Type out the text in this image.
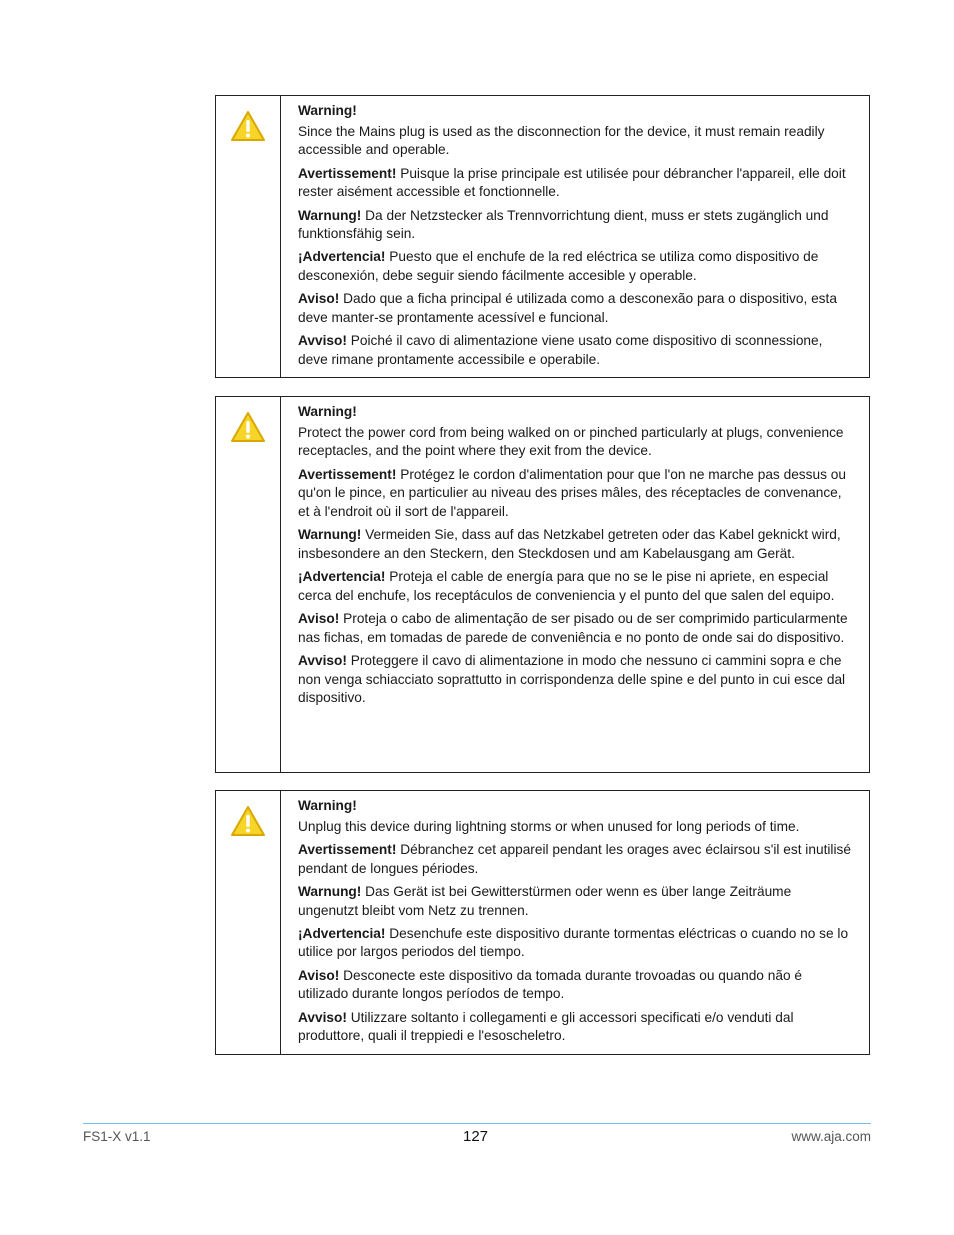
Warning!
Since the Mains plug is used as the disconnection for the device, it must remain readily accessible and operable.
Avertissement! Puisque la prise principale est utilisée pour débrancher l'appareil, elle doit rester aisément accessible et fonctionnelle.
Warnung! Da der Netzstecker als Trennvorrichtung dient, muss er stets zugänglich und funktionsfähig sein.
¡Advertencia! Puesto que el enchufe de la red eléctrica se utiliza como dispositivo de desconexión, debe seguir siendo fácilmente accesible y operable.
Aviso! Dado que a ficha principal é utilizada como a desconexão para o dispositivo, esta deve manter-se prontamente acessível e funcional.
Avviso! Poiché il cavo di alimentazione viene usato come dispositivo di sconnessione, deve rimane prontamente accessibile e operabile.
Warning!
Protect the power cord from being walked on or pinched particularly at plugs, convenience receptacles, and the point where they exit from the device.
Avertissement! Protégez le cordon d'alimentation pour que l'on ne marche pas dessus ou qu'on le pince, en particulier au niveau des prises mâles, des réceptacles de convenance, et à l'endroit où il sort de l'appareil.
Warnung! Vermeiden Sie, dass auf das Netzkabel getreten oder das Kabel geknickt wird, insbesondere an den Steckern, den Steckdosen und am Kabelausgang am Gerät.
¡Advertencia! Proteja el cable de energía para que no se le pise ni apriete, en especial cerca del enchufe, los receptáculos de conveniencia y el punto del que salen del equipo.
Aviso! Proteja o cabo de alimentação de ser pisado ou de ser comprimido particularmente nas fichas, em tomadas de parede de conveniência e no ponto de onde sai do dispositivo.
Avviso! Proteggere il cavo di alimentazione in modo che nessuno ci cammini sopra e che non venga schiacciato soprattutto in corrispondenza delle spine e del punto in cui esce dal dispositivo.
Warning!
Unplug this device during lightning storms or when unused for long periods of time.
Avertissement! Débranchez cet appareil pendant les orages avec éclairsou s'il est inutilisé pendant de longues périodes.
Warnung! Das Gerät ist bei Gewitterstürmen oder wenn es über lange Zeiträume ungenutzt bleibt vom Netz zu trennen.
¡Advertencia! Desenchufe este dispositivo durante tormentas eléctricas o cuando no se lo utilice por largos periodos del tiempo.
Aviso! Desconecte este dispositivo da tomada durante trovoadas ou quando não é utilizado durante longos períodos de tempo.
Avviso! Utilizzare soltanto i collegamenti e gli accessori specificati e/o venduti dal produttore, quali il treppiedi e l'esoscheletro.
FS1-X v1.1	127	www.aja.com
